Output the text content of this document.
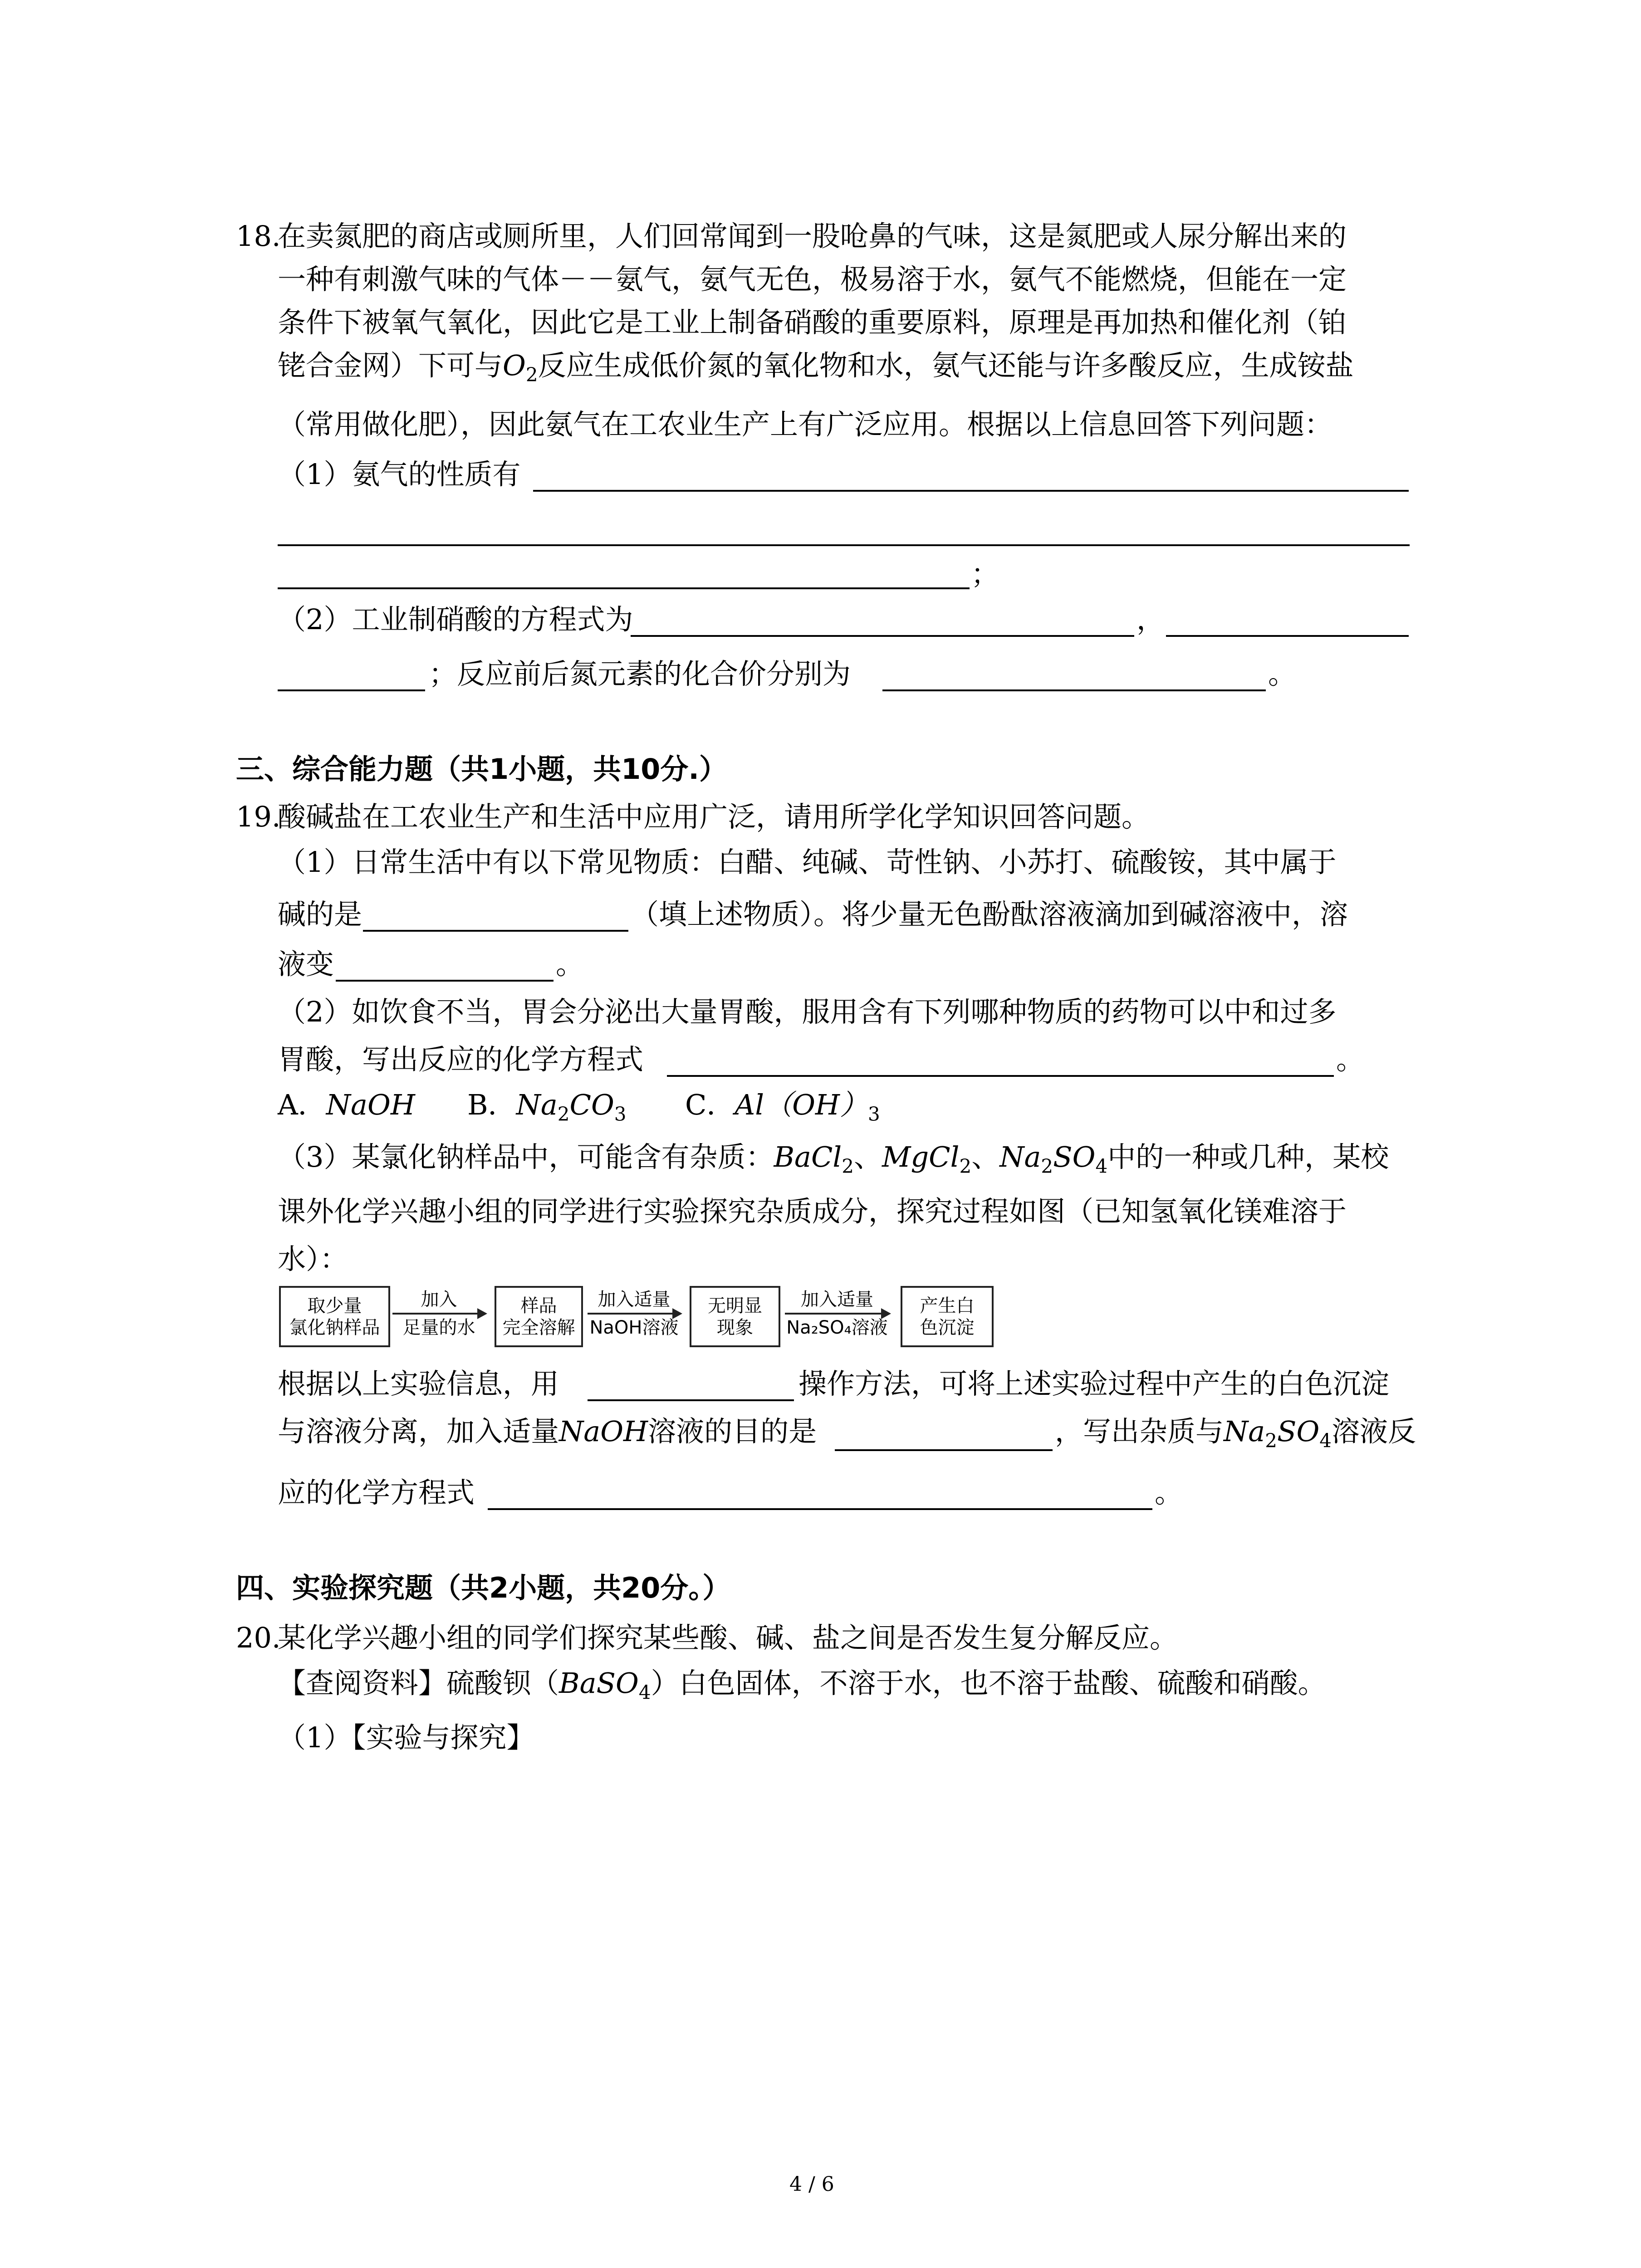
18.
在卖氮肥的商店或厕所里，人们回常闻到一股呛鼻的气味，这是氮肥或人尿分解出来的
一种有刺激气味的气体－－氨气，氨气无色，极易溶于水，氨气不能燃烧，但能在一定
条件下被氧气氧化，因此它是工业上制备硝酸的重要原料，原理是再加热和催化剂（铂
铑合金网）下可与$O_2$反应生成低价氮的氧化物和水，氨气还能与许多酸反应，生成铵盐
（常用做化肥），因此氨气在工农业生产上有广泛应用。根据以上信息回答下列问题：
（1）氨气的性质有
；
（2）工业制硝酸的方程式为	，
；反应前后氮元素的化合价分别为	。
三、综合能力题（共1小题，共10分.）
19.
酸碱盐在工农业生产和生活中应用广泛，请用所学化学知识回答问题。
（1）日常生活中有以下常见物质：白醋、纯碱、苛性钠、小苏打、硫酸铵，其中属于
碱的是	（填上述物质）。将少量无色酚酞溶液滴加到碱溶液中，溶
液变	。
（2）如饮食不当，胃会分泌出大量胃酸，服用含有下列哪种物质的药物可以中和过多
胃酸，写出反应的化学方程式	。
A．NaOH B．$Na_2CO_3$ C．$Al(OH)_3$
（3）某氯化钠样品中，可能含有杂质：BaCl$_2$、MgCl$_2$、$Na_2SO_4$中的一种或几种，某校
课外化学兴趣小组的同学进行实验探究杂质成分，探究过程如图（已知氢氧化镁难溶于
水）：
取少量
氯化钠样品
加入
足量的水
样品
完全溶解
加入适量
NaOH溶液
无明显
现象
加入适量
Na₂SO₄溶液
产生白
色沉淀
根据以上实验信息，用	操作方法，可将上述实验过程中产生的白色沉淀
与溶液分离，加入适量NaOH溶液的目的是	，写出杂质与$Na_2SO_4$溶液反
应的化学方程式	。
四、实验探究题（共2小题，共20分。）
20.
某化学兴趣小组的同学们探究某些酸、碱、盐之间是否发生复分解反应。
【查阅资料】硫酸钡（BaSO$_4$）白色固体，不溶于水，也不溶于盐酸、硫酸和硝酸。
（1）【实验与探究】
4 / 6
